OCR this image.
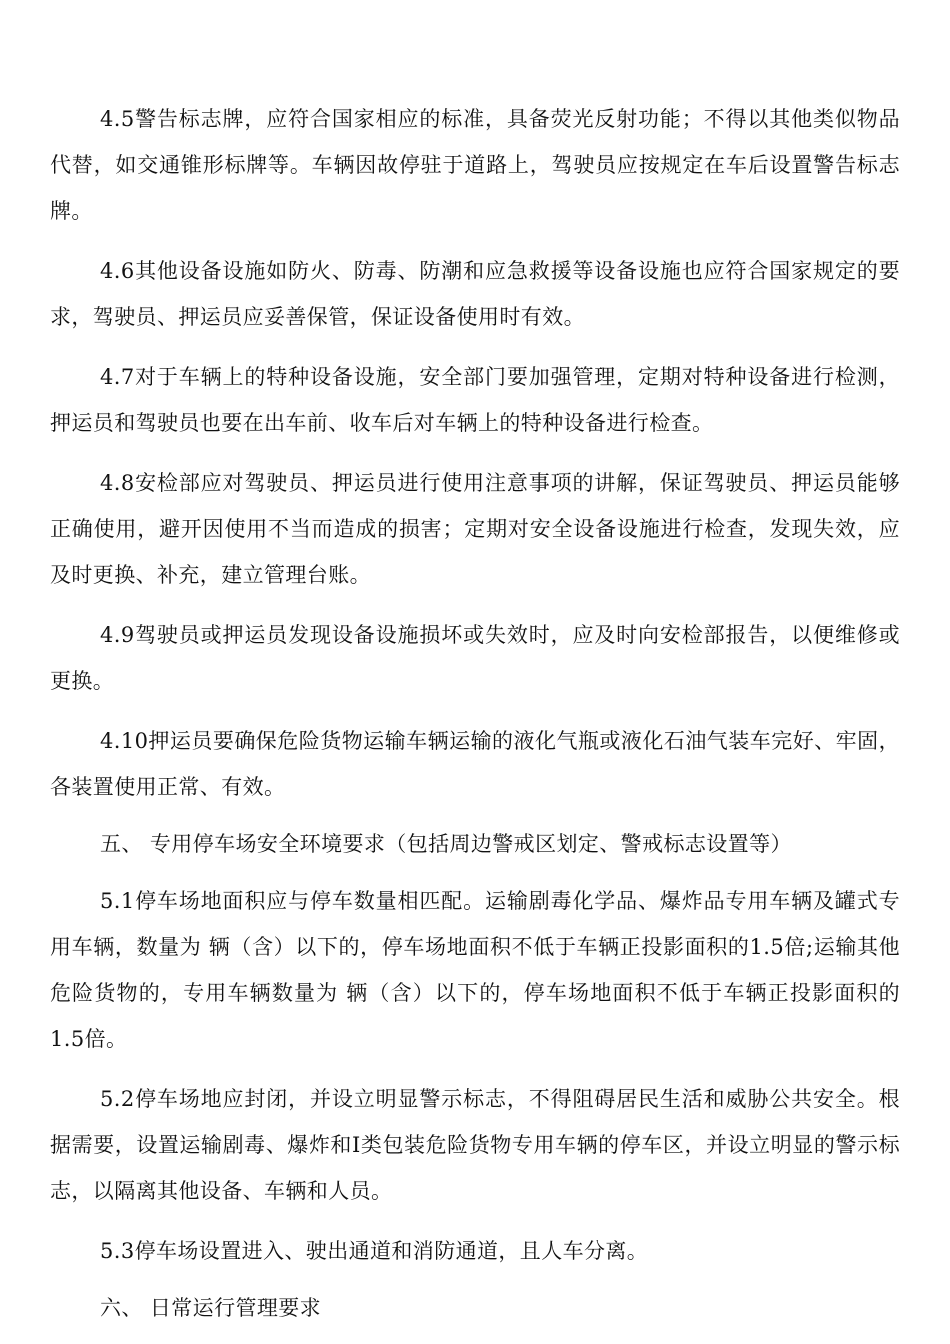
4.5警告标志牌，应符合国家相应的标准，具备荧光反射功能；不得以其他类似物品代替，如交通锥形标牌等。车辆因故停驻于道路上，驾驶员应按规定在车后设置警告标志牌。

4.6其他设备设施如防火、防毒、防潮和应急救援等设备设施也应符合国家规定的要求，驾驶员、押运员应妥善保管，保证设备使用时有效。

4.7对于车辆上的特种设备设施，安全部门要加强管理，定期对特种设备进行检测，押运员和驾驶员也要在出车前、收车后对车辆上的特种设备进行检查。

4.8安检部应对驾驶员、押运员进行使用注意事项的讲解，保证驾驶员、押运员能够正确使用，避开因使用不当而造成的损害；定期对安全设备设施进行检查，发现失效，应及时更换、补充，建立管理台账。

4.9驾驶员或押运员发现设备设施损坏或失效时，应及时向安检部报告，以便维修或更换。

4.10押运员要确保危险货物运输车辆运输的液化气瓶或液化石油气装车完好、牢固，各装置使用正常、有效。

五、 专用停车场安全环境要求（包括周边警戒区划定、警戒标志设置等）

5.1停车场地面积应与停车数量相匹配。运输剧毒化学品、爆炸品专用车辆及罐式专用车辆，数量为 辆（含）以下的，停车场地面积不低于车辆正投影面积的1.5倍;运输其他危险货物的，专用车辆数量为 辆（含）以下的，停车场地面积不低于车辆正投影面积的1.5倍。

5.2停车场地应封闭，并设立明显警示标志，不得阻碍居民生活和威胁公共安全。根据需要，设置运输剧毒、爆炸和Ⅰ类包装危险货物专用车辆的停车区，并设立明显的警示标志，以隔离其他设备、车辆和人员。

5.3停车场设置进入、驶出通道和消防通道，且人车分离。

六、 日常运行管理要求
